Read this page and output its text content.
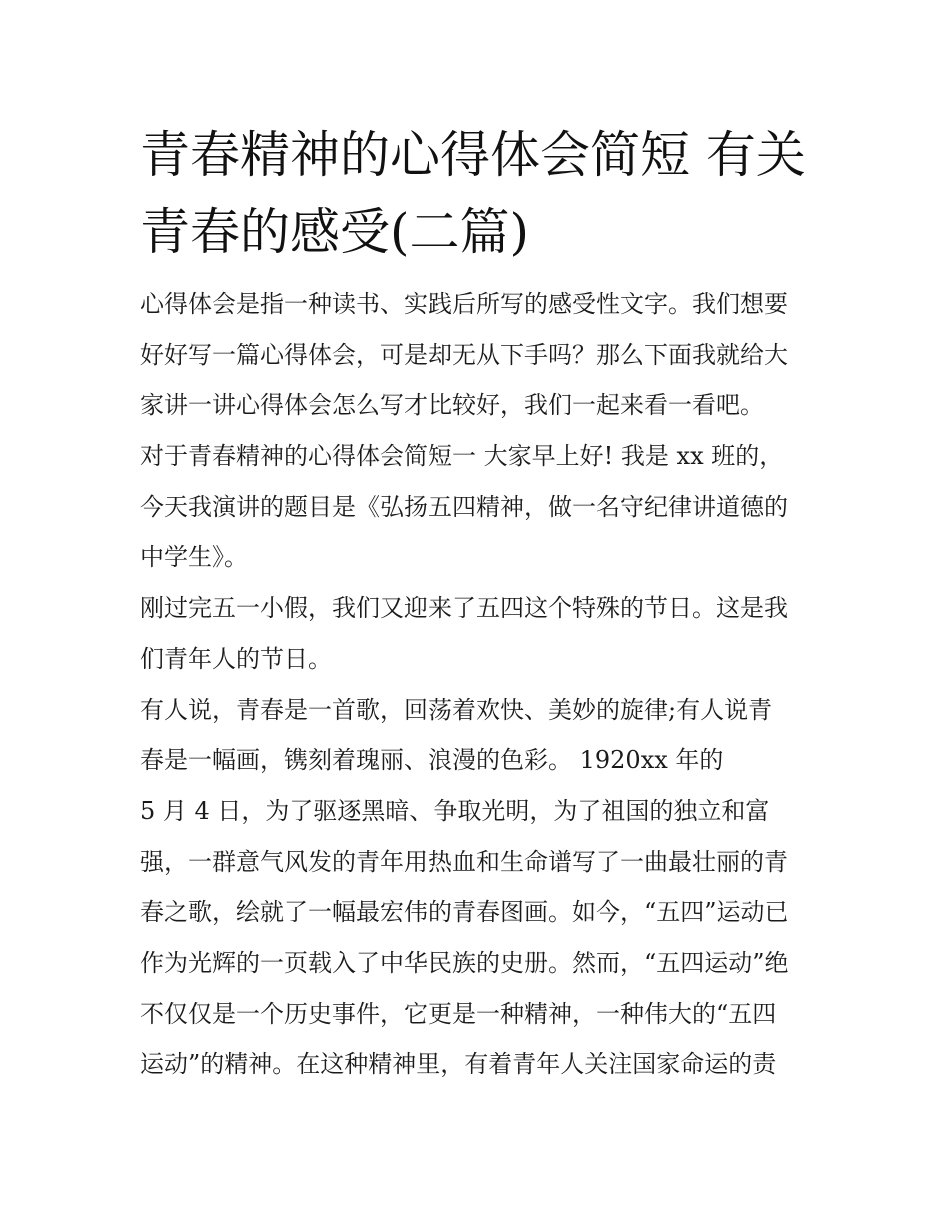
青春精神的心得体会简短 有关
青春的感受(二篇)
心得体会是指一种读书、实践后所写的感受性文字。我们想要
好好写一篇心得体会，可是却无从下手吗？那么下面我就给大
家讲一讲心得体会怎么写才比较好，我们一起来看一看吧。
对于青春精神的心得体会简短一 大家早上好! 我是 xx 班的，
今天我演讲的题目是《弘扬五四精神，做一名守纪律讲道德的
中学生》。
刚过完五一小假，我们又迎来了五四这个特殊的节日。这是我
们青年人的节日。
有人说，青春是一首歌，回荡着欢快、美妙的旋律;有人说青
春是一幅画，镌刻着瑰丽、浪漫的色彩。 1920xx 年的
5 月 4 日，为了驱逐黑暗、争取光明，为了祖国的独立和富
强，一群意气风发的青年用热血和生命谱写了一曲最壮丽的青
春之歌，绘就了一幅最宏伟的青春图画。如今，“五四”运动已
作为光辉的一页载入了中华民族的史册。然而，“五四运动”绝
不仅仅是一个历史事件，它更是一种精神，一种伟大的“五四
运动”的精神。在这种精神里，有着青年人关注国家命运的责
